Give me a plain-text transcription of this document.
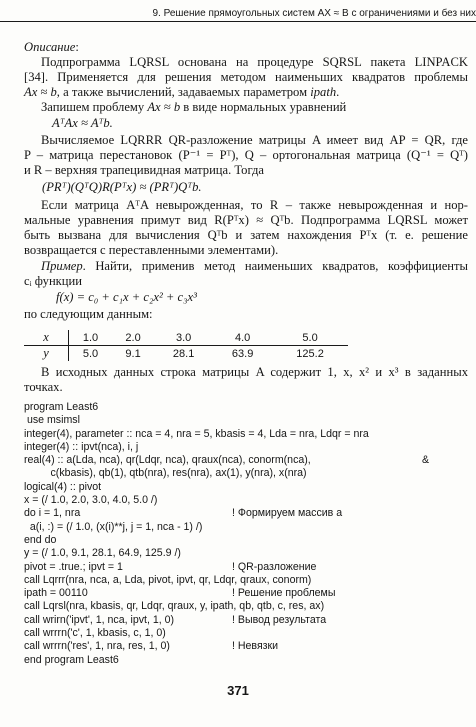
9. Решение прямоугольных систем AX ≈ B с ограничениями и без них
Описание:
Подпрограмма LQRSL основана на процедуре SQRSL пакета LINPACK
[34]. Применяется для решения методом наименьших квадратов проблемы
Ax ≈ b, а также вычислений, задаваемых параметром ipath.
Запишем проблему Ax ≈ b в виде нормальных уравнений
AᵀAx ≈ Aᵀb.
Вычисляемое LQRRR QR-разложение матрицы A имеет вид AP = QR, где
P – матрица перестановок (P⁻¹ = Pᵀ), Q – ортогональная матрица (Q⁻¹ = Qᵀ)
и R – верхняя трапецивидная матрица. Тогда
(PRᵀ)(QᵀQ)R(Pᵀx) ≈ (PRᵀ)Qᵀb.
Если матрица AᵀA невырожденная, то R – также невырожденная и нор-
мальные уравнения примут вид R(Pᵀx) ≈ Qᵀb. Подпрограмма LQRSL может
быть вызвана для вычисления Qᵀb и затем нахождения Pᵀx (т. е. решение
возвращается с переставленными элементами).
Пример. Найти, применив метод наименьших квадратов, коэффициенты
cᵢ функции
f(x) = c₀ + c₁x + c₂x² + c₃x³
по следующим данным:
x	1.0	2.0	3.0	4.0	5.0
y	5.0	9.1	28.1	63.9	125.2
В исходных данных строка матрицы A содержит 1, x, x² и x³ в заданных
точках.
program Least6
use msimsl
integer(4), parameter :: nca = 4, nra = 5, kbasis = 4, Lda = nra, Ldqr = nra
integer(4) :: ipvt(nca), i, j
real(4) :: a(Lda, nca), qr(Ldqr, nca), qraux(nca), conorm(nca),	&
c(kbasis), qb(1), qtb(nra), res(nra), ax(1), y(nra), x(nra)
logical(4) :: pivot
x = (/ 1.0, 2.0, 3.0, 4.0, 5.0 /)
do i = 1, nra	! Формируем массив a
a(i, :) = (/ 1.0, (x(i)**j, j = 1, nca - 1) /)
end do
y = (/ 1.0, 9.1, 28.1, 64.9, 125.9 /)
pivot = .true.; ipvt = 1	! QR-разложение
call Lqrrr(nra, nca, a, Lda, pivot, ipvt, qr, Ldqr, qraux, conorm)
ipath = 00110	! Решение проблемы
call Lqrsl(nra, kbasis, qr, Ldqr, qraux, y, ipath, qb, qtb, c, res, ax)
call wrirn('ipvt', 1, nca, ipvt, 1, 0)	! Вывод результата
call wrrrn('c', 1, kbasis, c, 1, 0)
call wrrrn('res', 1, nra, res, 1, 0)	! Невязки
end program Least6
371
